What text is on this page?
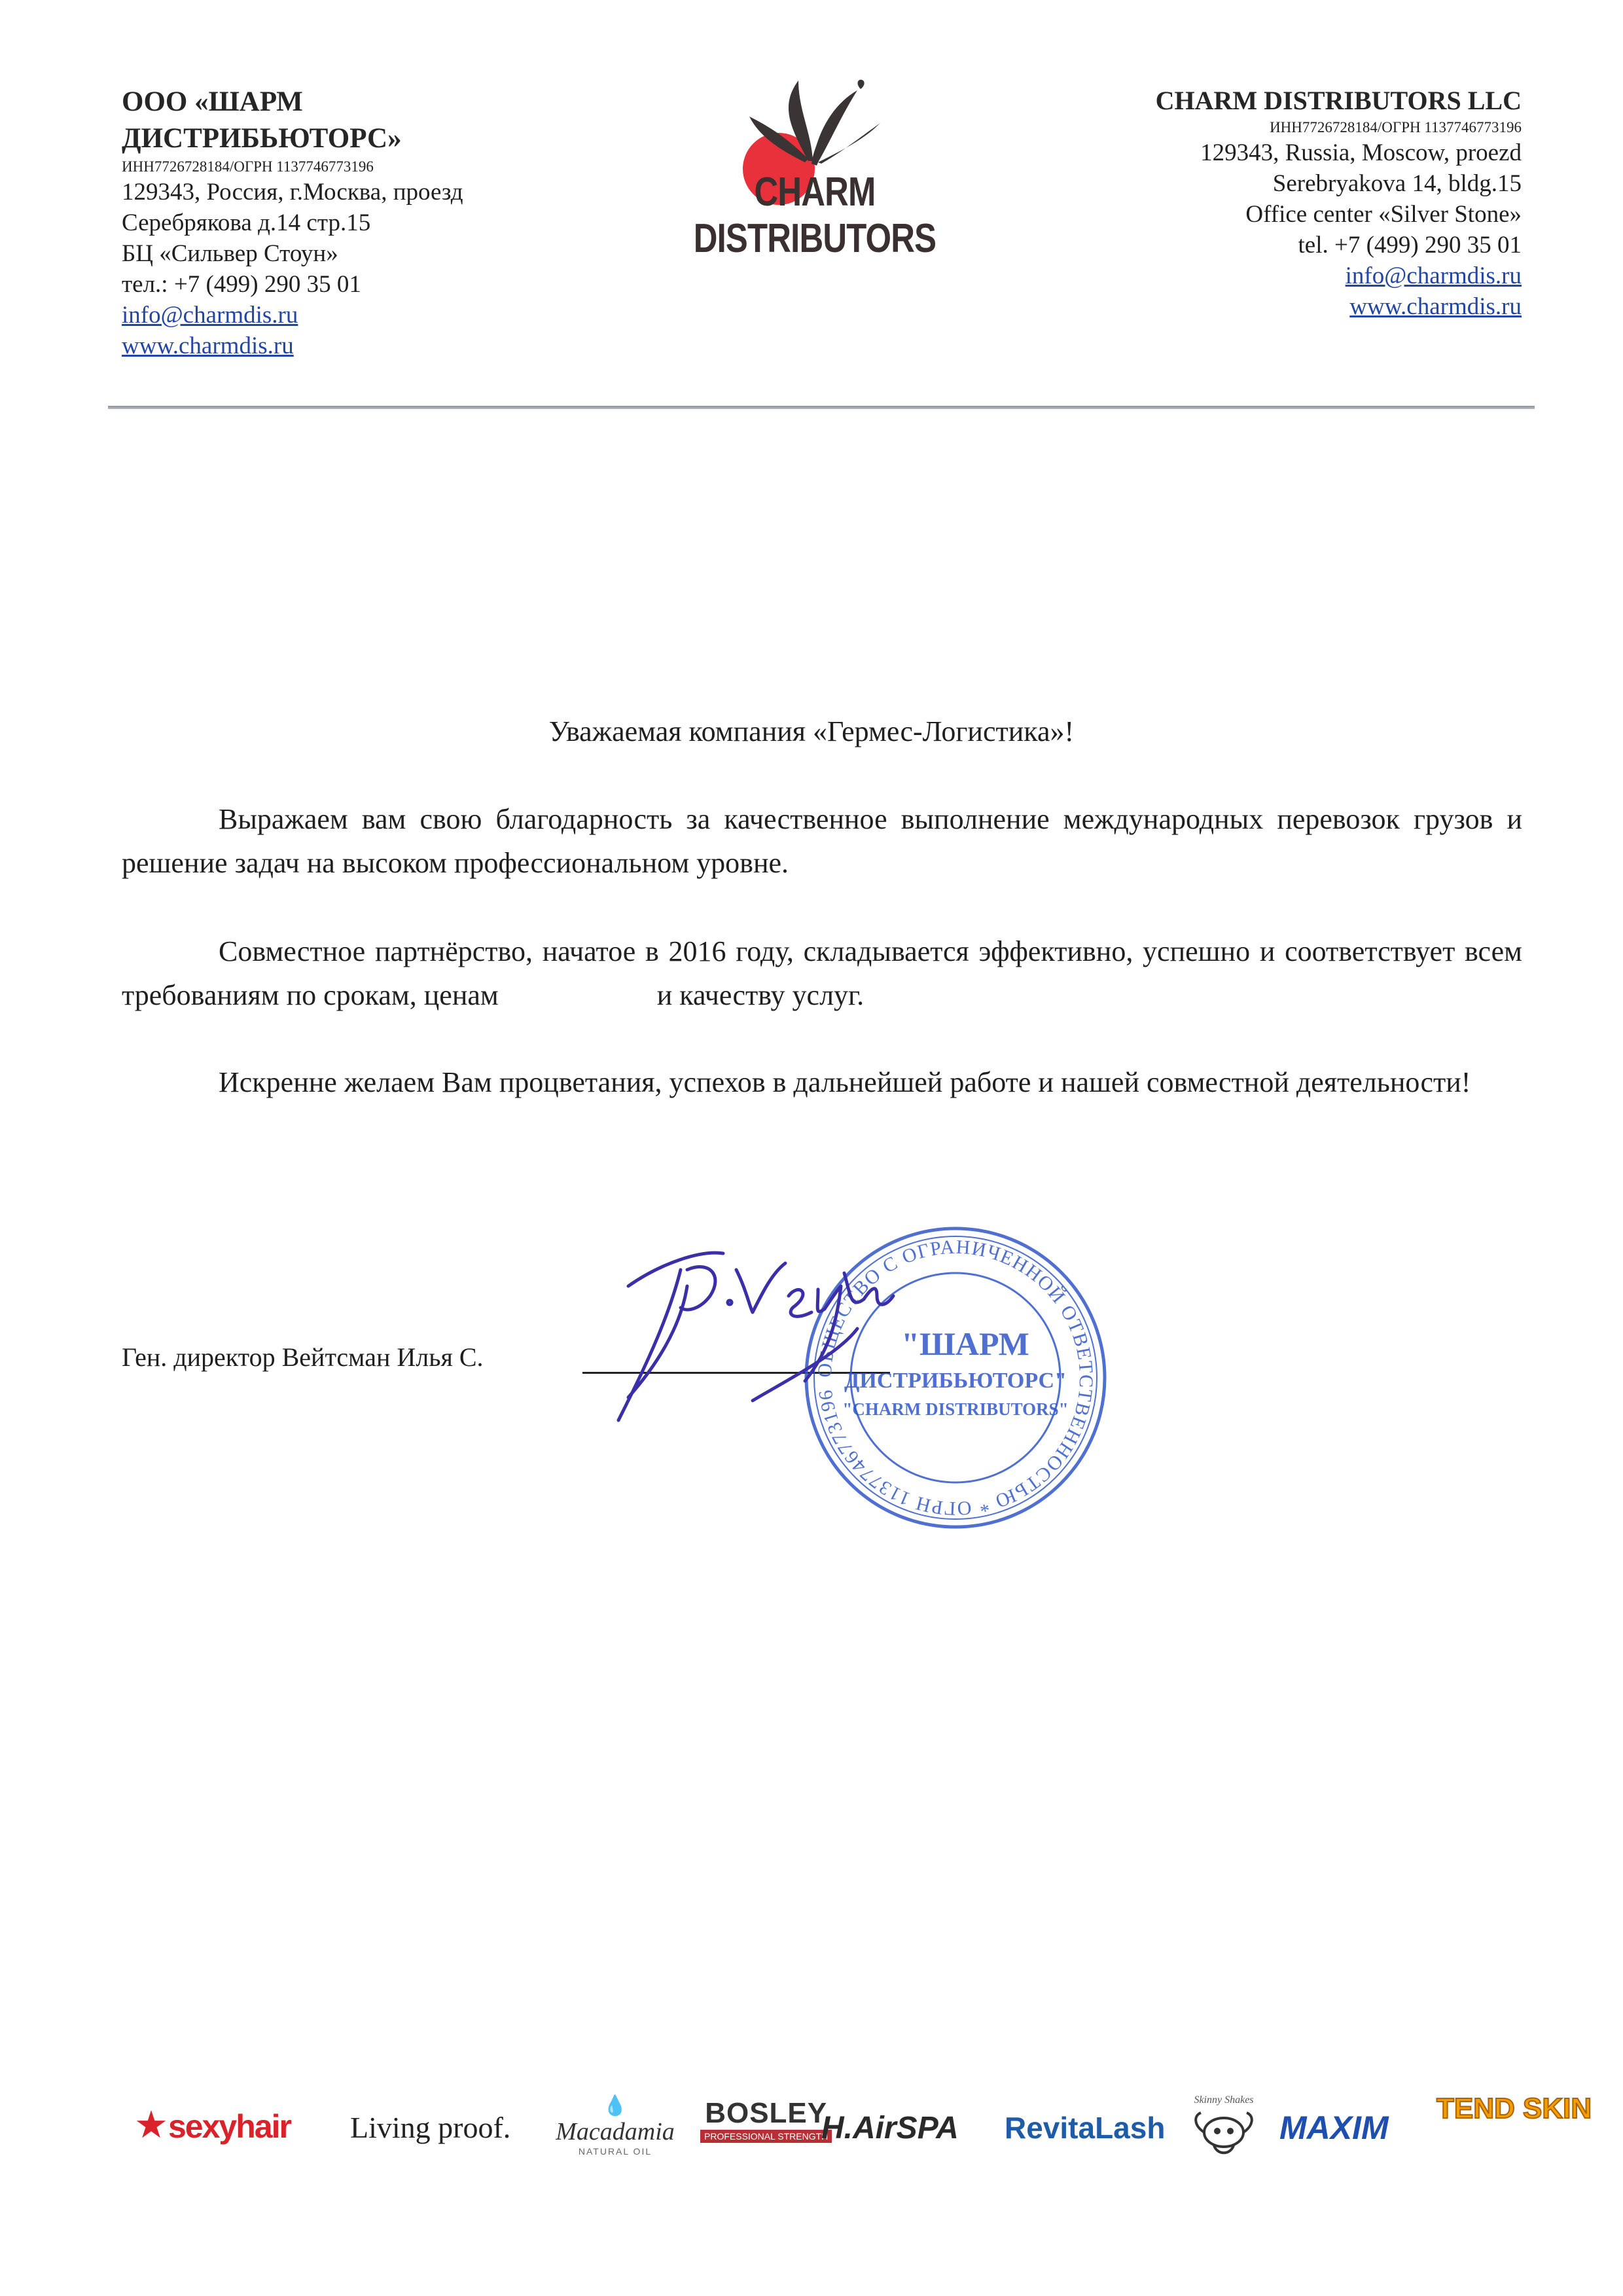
ООО «ШАРМ ДИСТРИБЬЮТОРС»
ИНН7726728184/ОГРН 1137746773196
129343, Россия, г.Москва, проезд
Серебрякова д.14 стр.15
БЦ «Сильвер Стоун»
тел.: +7 (499) 290 35 01
info@charmdis.ru
www.charmdis.ru
CHARM DISTRIBUTORS
CHARM DISTRIBUTORS LLC
ИНН7726728184/ОГРН 1137746773196
129343, Russia, Moscow, proezd
Serebryakova 14, bldg.15
Office center «Silver Stone»
tel. +7 (499) 290 35 01
info@charmdis.ru
www.charmdis.ru
Уважаемая компания «Гермес-Логистика»!
Выражаем вам свою благодарность за качественное выполнение международных перевозок грузов и решение задач на высоком профессиональном уровне.
Совместное партнёрство, начатое в 2016 году, складывается эффективно, успешно и соответствует всем требованиям по срокам, ценам                      и качеству услуг.
Искренне желаем Вам процветания, успехов в дальнейшей работе и нашей совместной деятельности!
Ген. директор Вейтсман Илья С.	ОБЩЕСТВО С ОГРАНИЧЕННОЙ ОТВЕТСТВЕННОСТЬЮ * ОГРН 1137746773196
"ШАРМ
ДИСТРИБЬЮТОРС"
"CHARM DISTRIBUTORS"
★sexyhair Living proof.
💧
Macadamia
NATURAL OIL
BOSLEY
PROFESSIONAL STRENGTH
H.AirSPA RevitaLash
Skinny Shakes
MAXIM
TEND SKIN
